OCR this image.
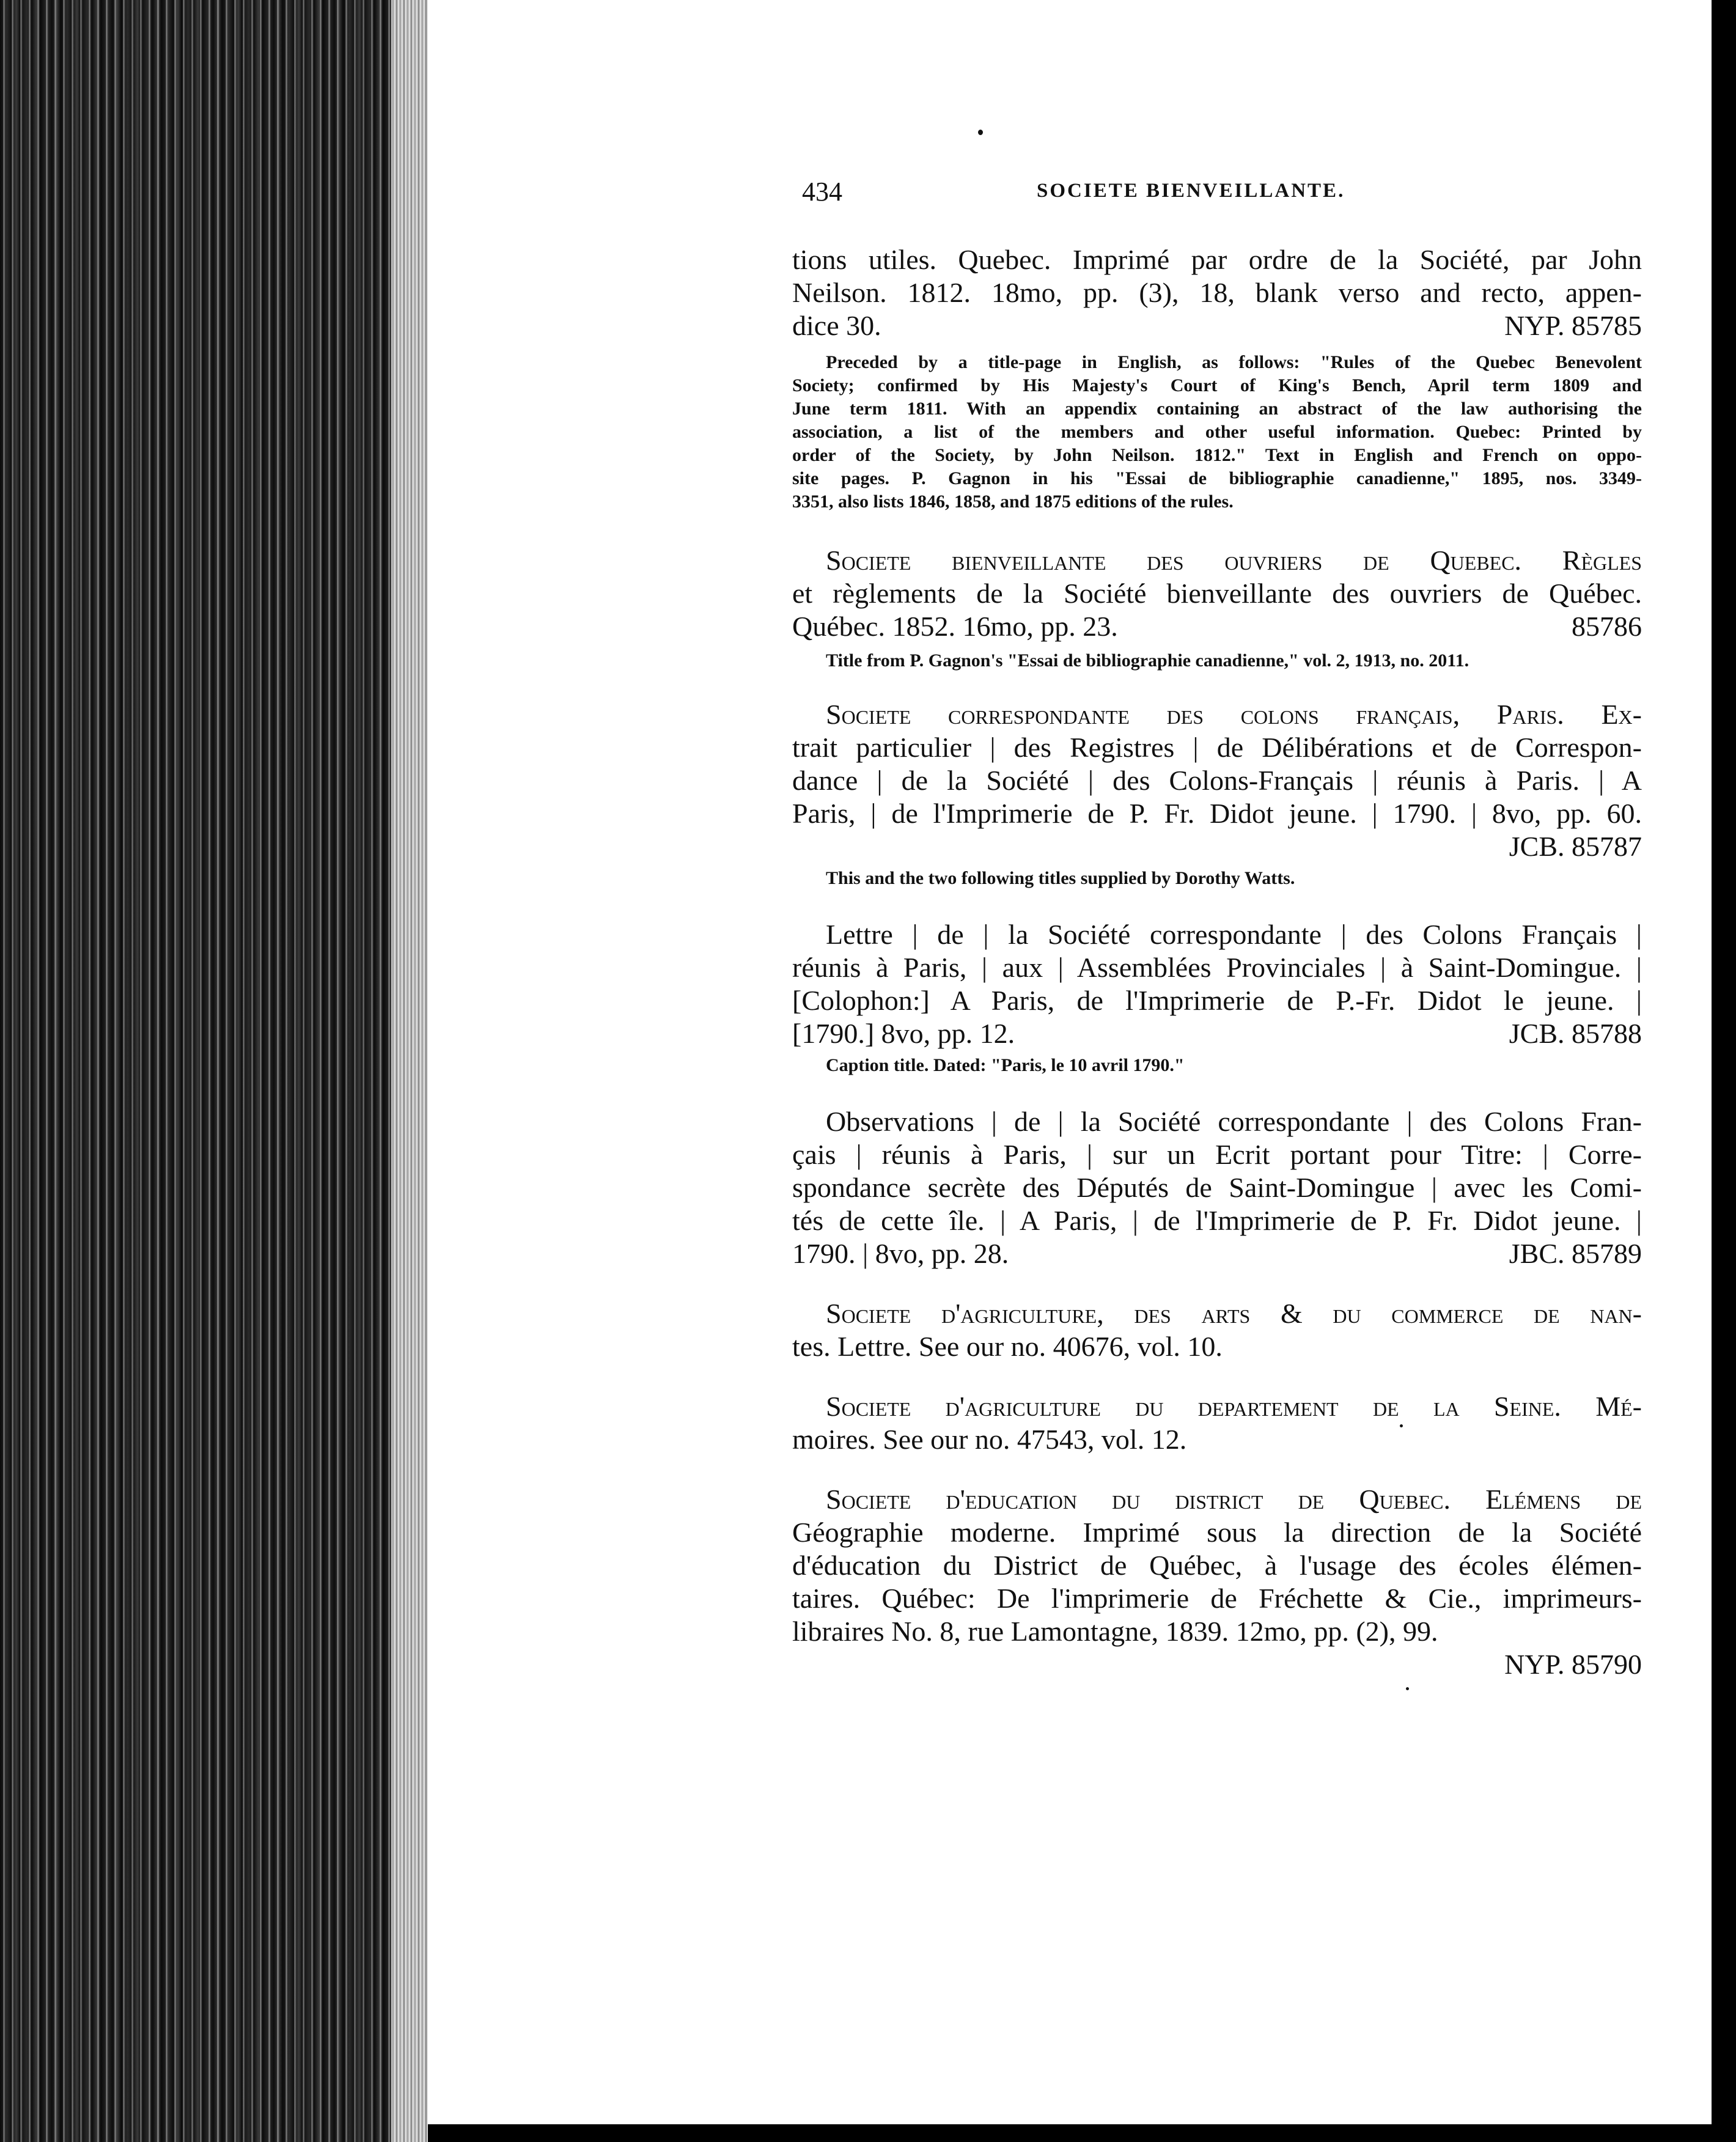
434	SOCIETE BIENVEILLANTE.
tions utiles. Quebec. Imprimé par ordre de la Société, par John
Neilson. 1812. 18mo, pp. (3), 18, blank verso and recto, appen-
dice 30.	NYP. 85785
Preceded by a title-page in English, as follows: "Rules of the Quebec Benevolent
Society; confirmed by His Majesty's Court of King's Bench, April term 1809 and
June term 1811. With an appendix containing an abstract of the law authorising the
association, a list of the members and other useful information. Quebec: Printed by
order of the Society, by John Neilson. 1812." Text in English and French on oppo-
site pages. P. Gagnon in his "Essai de bibliographie canadienne," 1895, nos. 3349-
3351, also lists 1846, 1858, and 1875 editions of the rules.
Societe bienveillante des ouvriers de Quebec. Règles
et règlements de la Société bienveillante des ouvriers de Québec.
Québec. 1852. 16mo, pp. 23.	85786
Title from P. Gagnon's "Essai de bibliographie canadienne," vol. 2, 1913, no. 2011.
Societe correspondante des colons français, Paris. Ex-
trait particulier | des Registres | de Délibérations et de Correspon-
dance | de la Société | des Colons-Français | réunis à Paris. | A
Paris, | de l'Imprimerie de P. Fr. Didot jeune. | 1790. | 8vo, pp. 60.
JCB. 85787
This and the two following titles supplied by Dorothy Watts.
Lettre | de | la Société correspondante | des Colons Français |
réunis à Paris, | aux | Assemblées Provinciales | à Saint-Domingue. |
[Colophon:] A Paris, de l'Imprimerie de P.-Fr. Didot le jeune. |
[1790.] 8vo, pp. 12.	JCB. 85788
Caption title. Dated: "Paris, le 10 avril 1790."
Observations | de | la Société correspondante | des Colons Fran-
çais | réunis à Paris, | sur un Ecrit portant pour Titre: | Corre-
spondance secrète des Députés de Saint-Domingue | avec les Comi-
tés de cette île. | A Paris, | de l'Imprimerie de P. Fr. Didot jeune. |
1790. | 8vo, pp. 28.	JBC. 85789
Societe d'agriculture, des arts & du commerce de nan-
tes. Lettre. See our no. 40676, vol. 10.
Societe d'agriculture du departement de la Seine. Mé-
moires. See our no. 47543, vol. 12.
Societe d'education du district de Quebec. Elémens de
Géographie moderne. Imprimé sous la direction de la Société
d'éducation du District de Québec, à l'usage des écoles élémen-
taires. Québec: De l'imprimerie de Fréchette & Cie., imprimeurs-
libraires No. 8, rue Lamontagne, 1839. 12mo, pp. (2), 99.
NYP. 85790
